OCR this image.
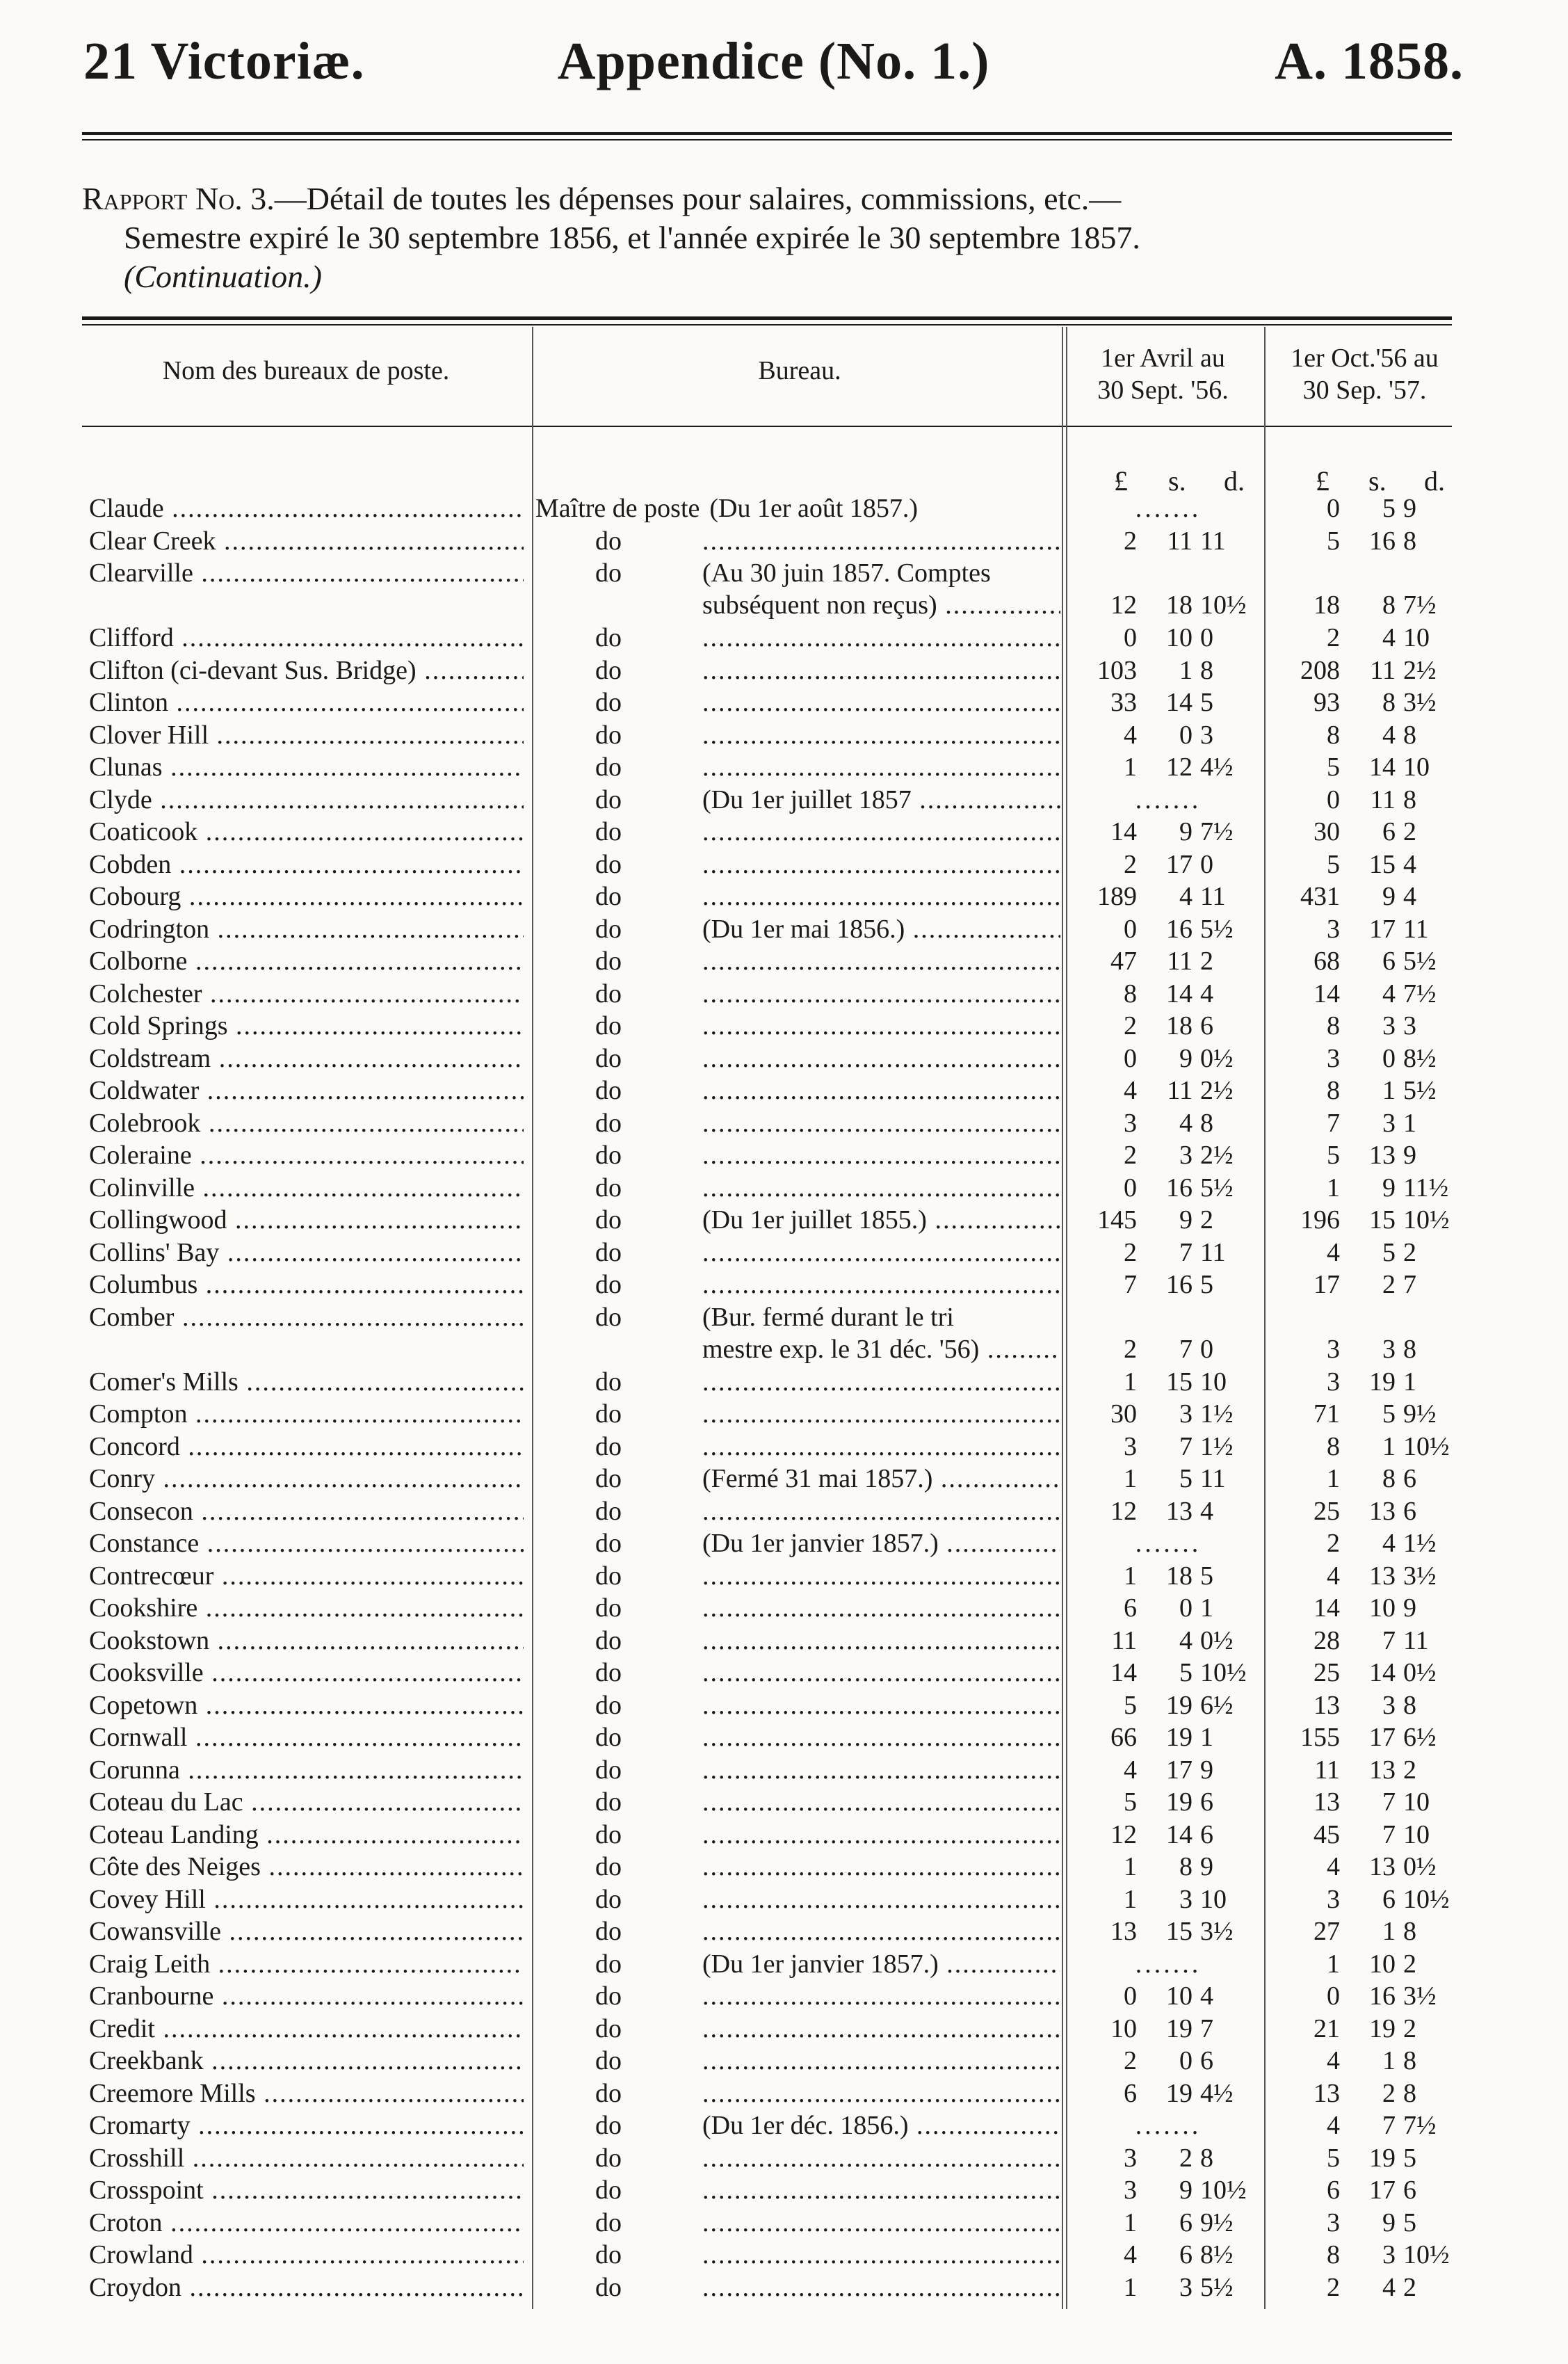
21 Victoriæ.	Appendice (No. 1.)	A. 1858.
Rapport No. 3.—Détail de toutes les dépenses pour salaires, commissions, etc.—
Semestre expiré le 30 septembre 1856, et l'année expirée le 30 septembre 1857.
(Continuation.)
Nom des bureaux de poste.	Bureau.	1er Avril au
30 Sept. '56.
1er Oct.'56 au
30 Sep. '57.
£ s. d.	£ s. d.
Claude .....	Maître de poste (Du 1er août 1857.)	.......	0	5 9
Clear Creek .....	do .....	2	11 11	5	16 8
Clearville .....	do	(Au 30 juin 1857. Comptes
subséquent non reçus) .....	12	18 10½	18	8 7½
Clifford .....	do .....	0	10 0	2	4 10
Clifton (ci-devant Sus. Bridge) .....	do .....	103	1 8	208	11 2½
Clinton .....	do .....	33	14 5	93	8 3½
Clover Hill .....	do .....	4	0 3	8	4 8
Clunas .....	do .....	1	12 4½	5	14 10
Clyde .....	do	(Du 1er juillet 1857 .....	.......	0	11 8
Coaticook .....	do .....	14	9 7½	30	6 2
Cobden .....	do .....	2	17 0	5	15 4
Cobourg .....	do .....	189	4 11	431	9 4
Codrington .....	do	(Du 1er mai 1856.) .....	0	16 5½	3	17 11
Colborne .....	do .....	47	11 2	68	6 5½
Colchester .....	do .....	8	14 4	14	4 7½
Cold Springs .....	do .....	2	18 6	8	3 3
Coldstream .....	do .....	0	9 0½	3	0 8½
Coldwater .....	do .....	4	11 2½	8	1 5½
Colebrook .....	do .....	3	4 8	7	3 1
Coleraine .....	do .....	2	3 2½	5	13 9
Colinville .....	do .....	0	16 5½	1	9 11½
Collingwood .....	do	(Du 1er juillet 1855.) .....	145	9 2	196	15 10½
Collins' Bay .....	do .....	2	7 11	4	5 2
Columbus .....	do .....	7	16 5	17	2 7
Comber .....	do	(Bur. fermé durant le tri
mestre exp. le 31 déc. '56) .....	2	7 0	3	3 8
Comer's Mills .....	do .....	1	15 10	3	19 1
Compton .....	do .....	30	3 1½	71	5 9½
Concord .....	do .....	3	7 1½	8	1 10½
Conry .....	do	(Fermé 31 mai 1857.) .....	1	5 11	1	8 6
Consecon .....	do .....	12	13 4	25	13 6
Constance .....	do	(Du 1er janvier 1857.) .....	.......	2	4 1½
Contrecœur .....	do .....	1	18 5	4	13 3½
Cookshire .....	do .....	6	0 1	14	10 9
Cookstown .....	do .....	11	4 0½	28	7 11
Cooksville .....	do .....	14	5 10½	25	14 0½
Copetown .....	do .....	5	19 6½	13	3 8
Cornwall .....	do .....	66	19 1	155	17 6½
Corunna .....	do .....	4	17 9	11	13 2
Coteau du Lac .....	do .....	5	19 6	13	7 10
Coteau Landing .....	do .....	12	14 6	45	7 10
Côte des Neiges .....	do .....	1	8 9	4	13 0½
Covey Hill .....	do .....	1	3 10	3	6 10½
Cowansville .....	do .....	13	15 3½	27	1 8
Craig Leith .....	do	(Du 1er janvier 1857.) .....	.......	1	10 2
Cranbourne .....	do .....	0	10 4	0	16 3½
Credit .....	do .....	10	19 7	21	19 2
Creekbank .....	do .....	2	0 6	4	1 8
Creemore Mills .....	do .....	6	19 4½	13	2 8
Cromarty .....	do	(Du 1er déc. 1856.) .....	.......	4	7 7½
Crosshill .....	do .....	3	2 8	5	19 5
Crosspoint .....	do .....	3	9 10½	6	17 6
Croton .....	do .....	1	6 9½	3	9 5
Crowland .....	do .....	4	6 8½	8	3 10½
Croydon .....	do .....	1	3 5½	2	4 2
